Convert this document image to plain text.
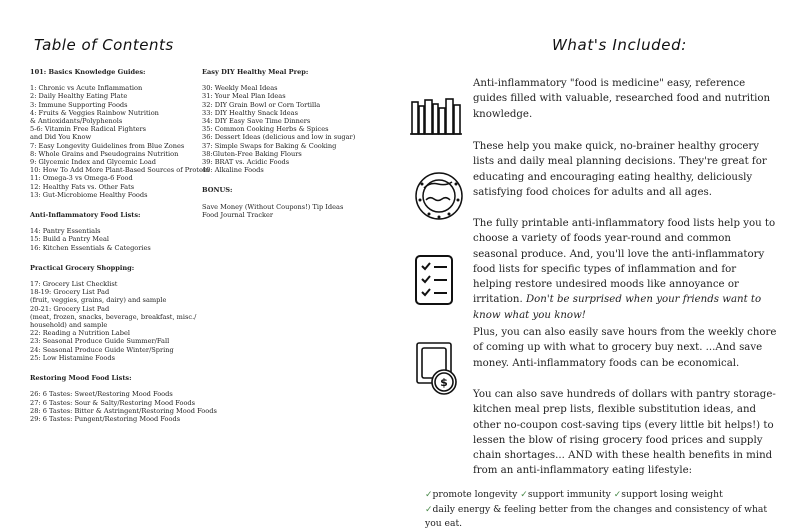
Table of Contents
101: Basics Knowledge Guides:
1: Chronic vs Acute Inflammation
2: Daily Healthy Eating Plate
3: Immune Supporting Foods
4: Fruits & Veggies Rainbow Nutrition
& Antioxidants/Polyphenols
5-6: Vitamin Free Radical Fighters
and Did You Know
7: Easy Longevity Guidelines from Blue Zones
8: Whole Grains and Pseudograins Nutrition
9: Glycemic Index and Glycemic Load
10: How To Add More Plant-Based Sources of Protein
11: Omega-3 vs Omega-6 Food
12: Healthy Fats vs. Other Fats
13: Gut-Microbiome Healthy Foods
Anti-Inflammatory Food Lists:
14: Pantry Essentials
15: Build a Pantry Meal
16: Kitchen Essentials & Categories
Practical Grocery Shopping:
17: Grocery List Checklist
18-19: Grocery List Pad
(fruit, veggies, grains, dairy) and sample
20-21: Grocery List Pad
(meat, frozen, snacks, beverage, breakfast, misc./
household) and sample
22: Reading a Nutrition Label
23: Seasonal Produce Guide Summer/Fall
24: Seasonal Produce Guide Winter/Spring
25: Low Histamine Foods
Restoring Mood Food Lists:
26: 6 Tastes: Sweet/Restoring Mood Foods
27: 6 Tastes: Sour & Salty/Restoring Mood Foods
28: 6 Tastes: Bitter & Astringent/Restoring Mood Foods
29: 6 Tastes: Pungent/Restoring Mood Foods
Easy DIY Healthy Meal Prep:
30: Weekly Meal Ideas
31: Your Meal Plan Ideas
32: DIY Grain Bowl or Corn Tortilla
33: DIY Healthy Snack Ideas
34: DIY Easy Save Time Dinners
35: Common Cooking Herbs & Spices
36: Dessert Ideas (delicious and low in sugar)
37: Simple Swaps for Baking & Cooking
38:Gluten-Free Baking Flours
39: BRAT vs. Acidic Foods
40: Alkaline Foods
BONUS:
Save Money (Without Coupons!) Tip Ideas
Food Journal Tracker
What's Included:
$
Anti-inflammatory "food is medicine" easy, reference guides filled with valuable, researched food and nutrition knowledge.
These help you make quick, no-brainer healthy grocery lists and daily meal planning decisions. They're great for educating and encouraging eating healthy, deliciously satisfying food choices for adults and all ages.
The fully printable anti-inflammatory food lists help you to choose a variety of foods year-round and common seasonal produce. And, you'll love the anti-inflammatory food lists for specific types of inflammation and for helping restore undesired moods like annoyance or irritation. Don't be surprised when your friends want to know what you know!
Plus, you can also easily save hours from the weekly chore of coming up with what to grocery buy next. ...And save money. Anti-inflammatory foods can be economical.
You can also save hundreds of dollars with pantry storage-kitchen meal prep lists, flexible substitution ideas, and other no-coupon cost-saving tips (every little bit helps!) to lessen the blow of rising grocery food prices and supply chain shortages... AND with these health benefits in mind from an anti-inflammatory eating lifestyle:
✓promote longevity ✓support immunity ✓support losing weight
✓daily energy & feeling better from the changes and consistency of what you eat.
